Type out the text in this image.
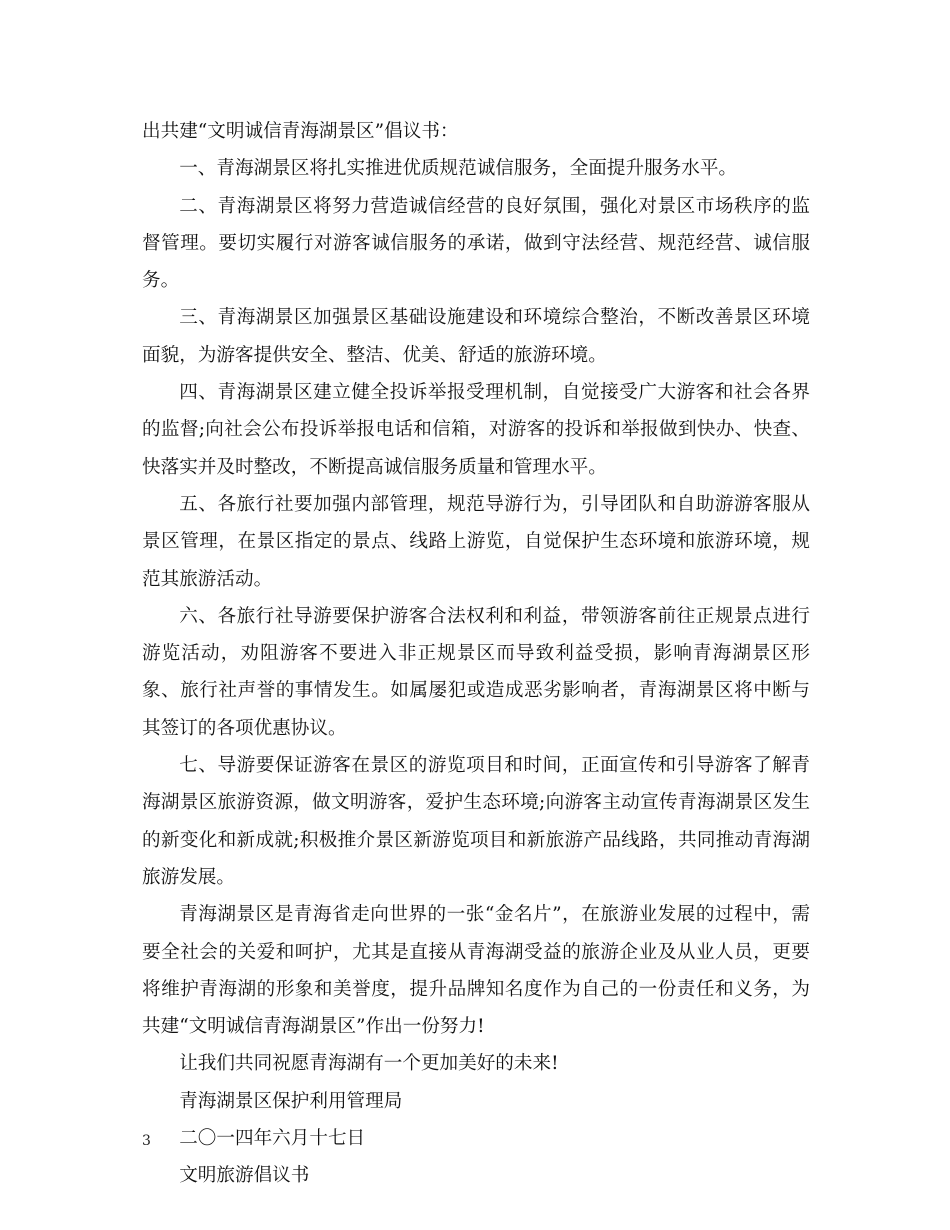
出共建“文明诚信青海湖景区”倡议书：

一、青海湖景区将扎实推进优质规范诚信服务，全面提升服务水平。

二、青海湖景区将努力营造诚信经营的良好氛围，强化对景区市场秩序的监督管理。要切实履行对游客诚信服务的承诺，做到守法经营、规范经营、诚信服务。

三、青海湖景区加强景区基础设施建设和环境综合整治，不断改善景区环境面貌，为游客提供安全、整洁、优美、舒适的旅游环境。

四、青海湖景区建立健全投诉举报受理机制，自觉接受广大游客和社会各界的监督;向社会公布投诉举报电话和信箱，对游客的投诉和举报做到快办、快查、快落实并及时整改，不断提高诚信服务质量和管理水平。

五、各旅行社要加强内部管理，规范导游行为，引导团队和自助游游客服从景区管理，在景区指定的景点、线路上游览，自觉保护生态环境和旅游环境，规范其旅游活动。

六、各旅行社导游要保护游客合法权利和利益，带领游客前往正规景点进行游览活动，劝阻游客不要进入非正规景区而导致利益受损，影响青海湖景区形象、旅行社声誉的事情发生。如属屡犯或造成恶劣影响者，青海湖景区将中断与其签订的各项优惠协议。

七、导游要保证游客在景区的游览项目和时间，正面宣传和引导游客了解青海湖景区旅游资源，做文明游客，爱护生态环境;向游客主动宣传青海湖景区发生的新变化和新成就;积极推介景区新游览项目和新旅游产品线路，共同推动青海湖旅游发展。

青海湖景区是青海省走向世界的一张“金名片”，在旅游业发展的过程中，需要全社会的关爱和呵护，尤其是直接从青海湖受益的旅游企业及从业人员，更要将维护青海湖的形象和美誉度，提升品牌知名度作为自己的一份责任和义务，为共建“文明诚信青海湖景区”作出一份努力!

让我们共同祝愿青海湖有一个更加美好的未来!

青海湖景区保护利用管理局

二〇一四年六月十七日

文明旅游倡议书

3
